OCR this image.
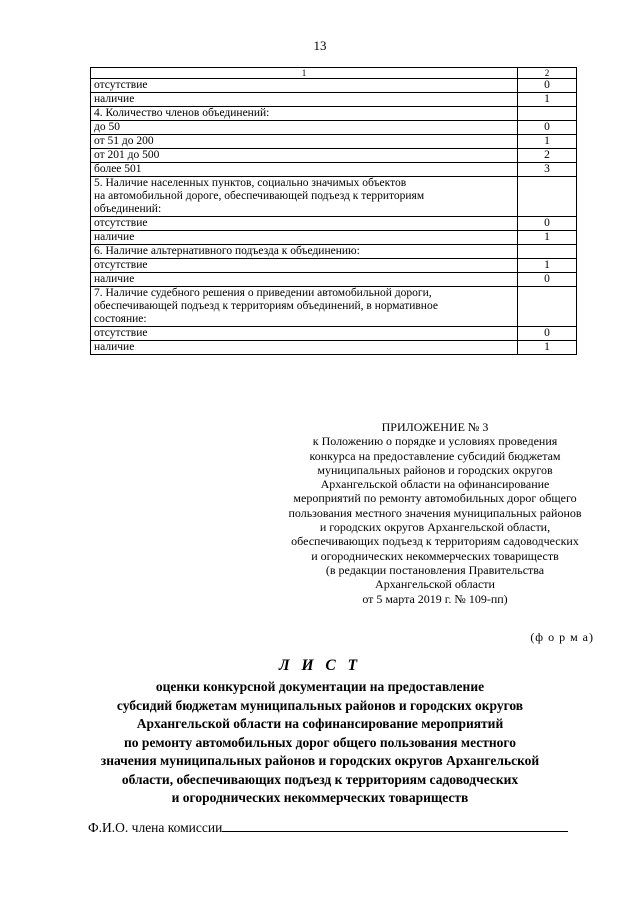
13
1	2
отсутствие	0
наличие	1
4. Количество членов объединений:	
до 50	0
от 51 до 200	1
от 201 до 500	2
более 501	3
5. Наличие населенных пунктов, социально значимых объектов
на автомобильной дороге, обеспечивающей подъезд к территориям
объединений:	
отсутствие	0
наличие	1
6. Наличие альтернативного подъезда к объединению:	
отсутствие	1
наличие	0
7. Наличие судебного решения о приведении автомобильной дороги,
обеспечивающей подъезд к территориям объединений, в нормативное
состояние:	
отсутствие	0
наличие	1
ПРИЛОЖЕНИЕ № 3
к Положению о порядке и условиях проведения
конкурса на предоставление субсидий бюджетам
муниципальных районов и городских округов
Архангельской области на офинансирование
мероприятий по ремонту автомобильных дорог общего
пользования местного значения муниципальных районов
и городских округов Архангельской области,
обеспечивающих подъезд к территориям садоводческих
и огороднических некоммерческих товариществ
(в редакции постановления Правительства
Архангельской области
от 5 марта 2019 г. № 109-пп)
(ф о р м а)
Л И С Т
оценки конкурсной документации на предоставление
субсидий бюджетам муниципальных районов и городских округов
Архангельской области на софинансирование мероприятий
по ремонту автомобильных дорог общего пользования местного
значения муниципальных районов и городских округов Архангельской
области, обеспечивающих подъезд к территориям садоводческих
и огороднических некоммерческих товариществ
Ф.И.О. члена комиссии
